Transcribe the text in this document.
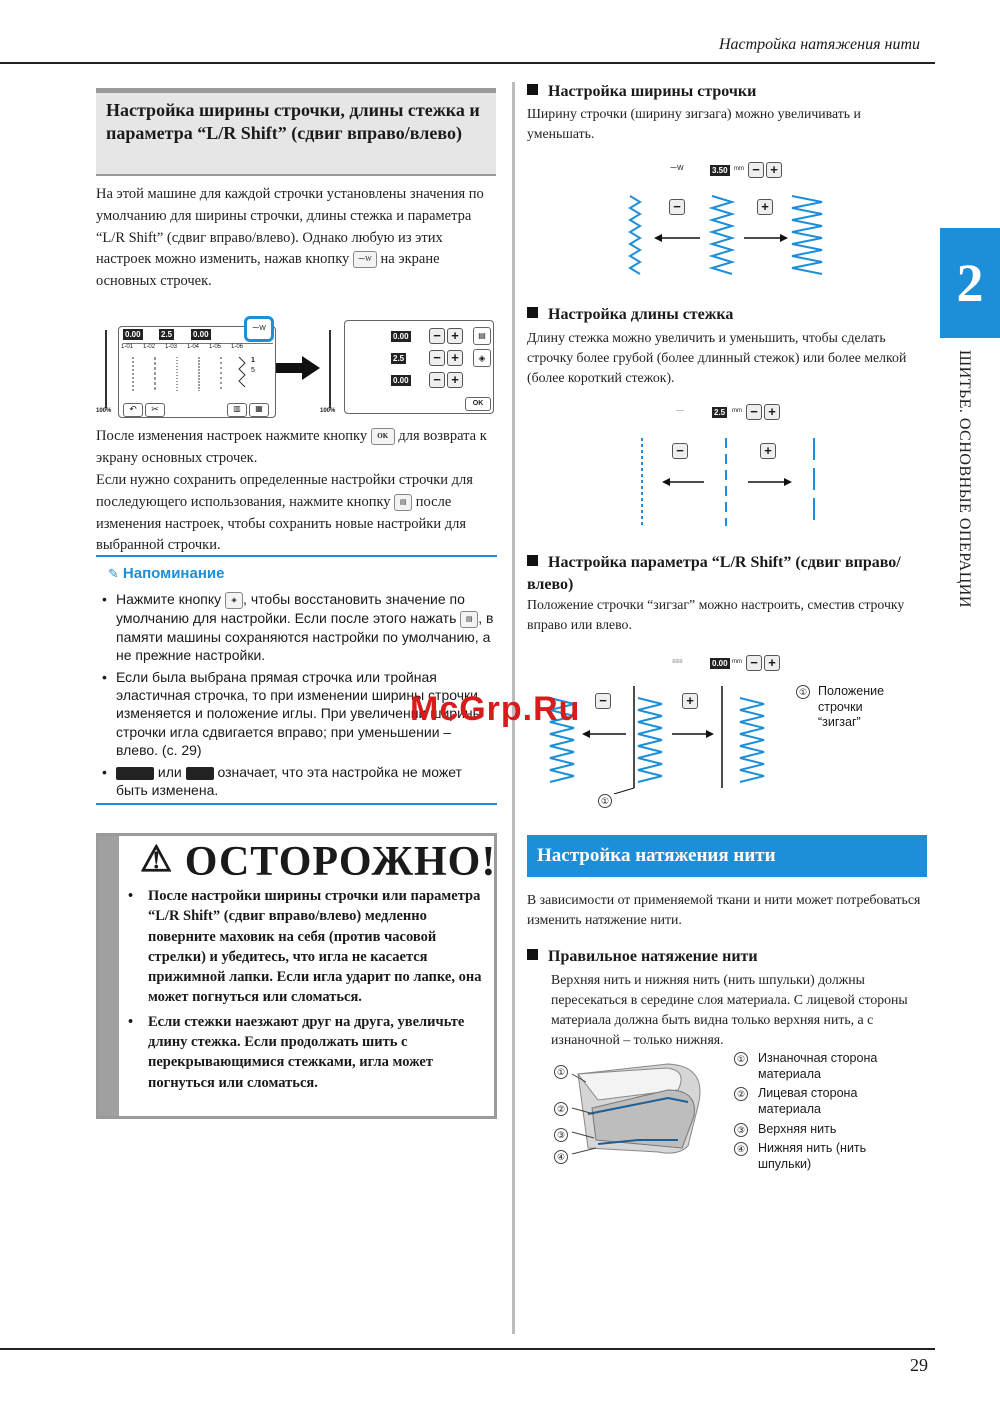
Настройка натяжения нити
29
2
ШИТЬЕ. ОСНОВНЫЕ ОПЕРАЦИИ
Настройка ширины строчки, длины стежка и параметра “L/R Shift” (сдвиг вправо/влево)
На этой машине для каждой строчки установлены значения по умолчанию для ширины строчки, длины стежка и параметра “L/R Shift” (сдвиг вправо/влево). Однако любую из этих настроек можно изменить, нажав кнопку ⁓W на экране основных строчек.
100%
0.00	2.5	0.00
1-01 1-02 1-03 1-04 1-05 1-06
1
5
↶	✂	▥	▦
⁓W
100%
0.00	− +
2.5	− +
0.00	− +
▤
◈
OK
После изменения настроек нажмите кнопку OK для возврата к экрану основных строчек.
Если нужно сохранить определенные настройки строчки для последующего использования, нажмите кнопку ▤ после изменения настроек, чтобы сохранить новые настройки для выбранной строчки.
✎ Напоминание
• Нажмите кнопку ◈ , чтобы восстановить значение по умолчанию для настройки. Если после этого нажать ▤ , в памяти машины сохраняются настройки по умолчанию, а не прежние настройки.
• Если была выбрана прямая строчка или тройная эластичная строчка, то при изменении ширины строчки изменяется и положение иглы. При увеличении ширины строчки игла сдвигается вправо; при уменьшении – влево. (с. 29)
• или	означает, что эта настройка не может быть изменена.
⚠ ОСТОРОЖНО!
• После настройки ширины строчки или параметра “L/R Shift” (сдвиг вправо/влево) медленно поверните маховик на себя (против часовой стрелки) и убедитесь, что игла не касается прижимной лапки. Если игла ударит по лапке, она может погнуться или сломаться.
• Если стежки наезжают друг на друга, увеличьте длину стежка. Если продолжать шить с перекрывающимися стежками, игла может погнуться или сломаться.
Настройка ширины строчки
Ширину строчки (ширину зигзага) можно увеличивать и уменьшать.
⁓W	3.50	mm − +
−	+
Настройка длины стежка
Длину стежка можно увеличить и уменьшить, чтобы сделать строчку более грубой (более длинный стежок) или более мелкой (более короткий стежок).
----	2.5	mm − +
−	+
Настройка параметра “L/R Shift” (сдвиг вправо/влево)
Положение строчки “зигзаг” можно настроить, сместив строчку вправо или влево.
≡≡≡	0.00 mm − +
−	+
①
① Положение строчки “зигзаг”
McGrp.Ru
Настройка натяжения нити
В зависимости от применяемой ткани и нити может потребоваться изменить натяжение нити.
Правильное натяжение нити
Верхняя нить и нижняя нить (нить шпульки) должны пересекаться в середине слоя материала. С лицевой стороны материала должна быть видна только верхняя нить, а с изнаночной – только нижняя.
①
②
③
④
① Изнаночная сторона материала
② Лицевая сторона материала
③ Верхняя нить
④ Нижняя нить (нить шпульки)
